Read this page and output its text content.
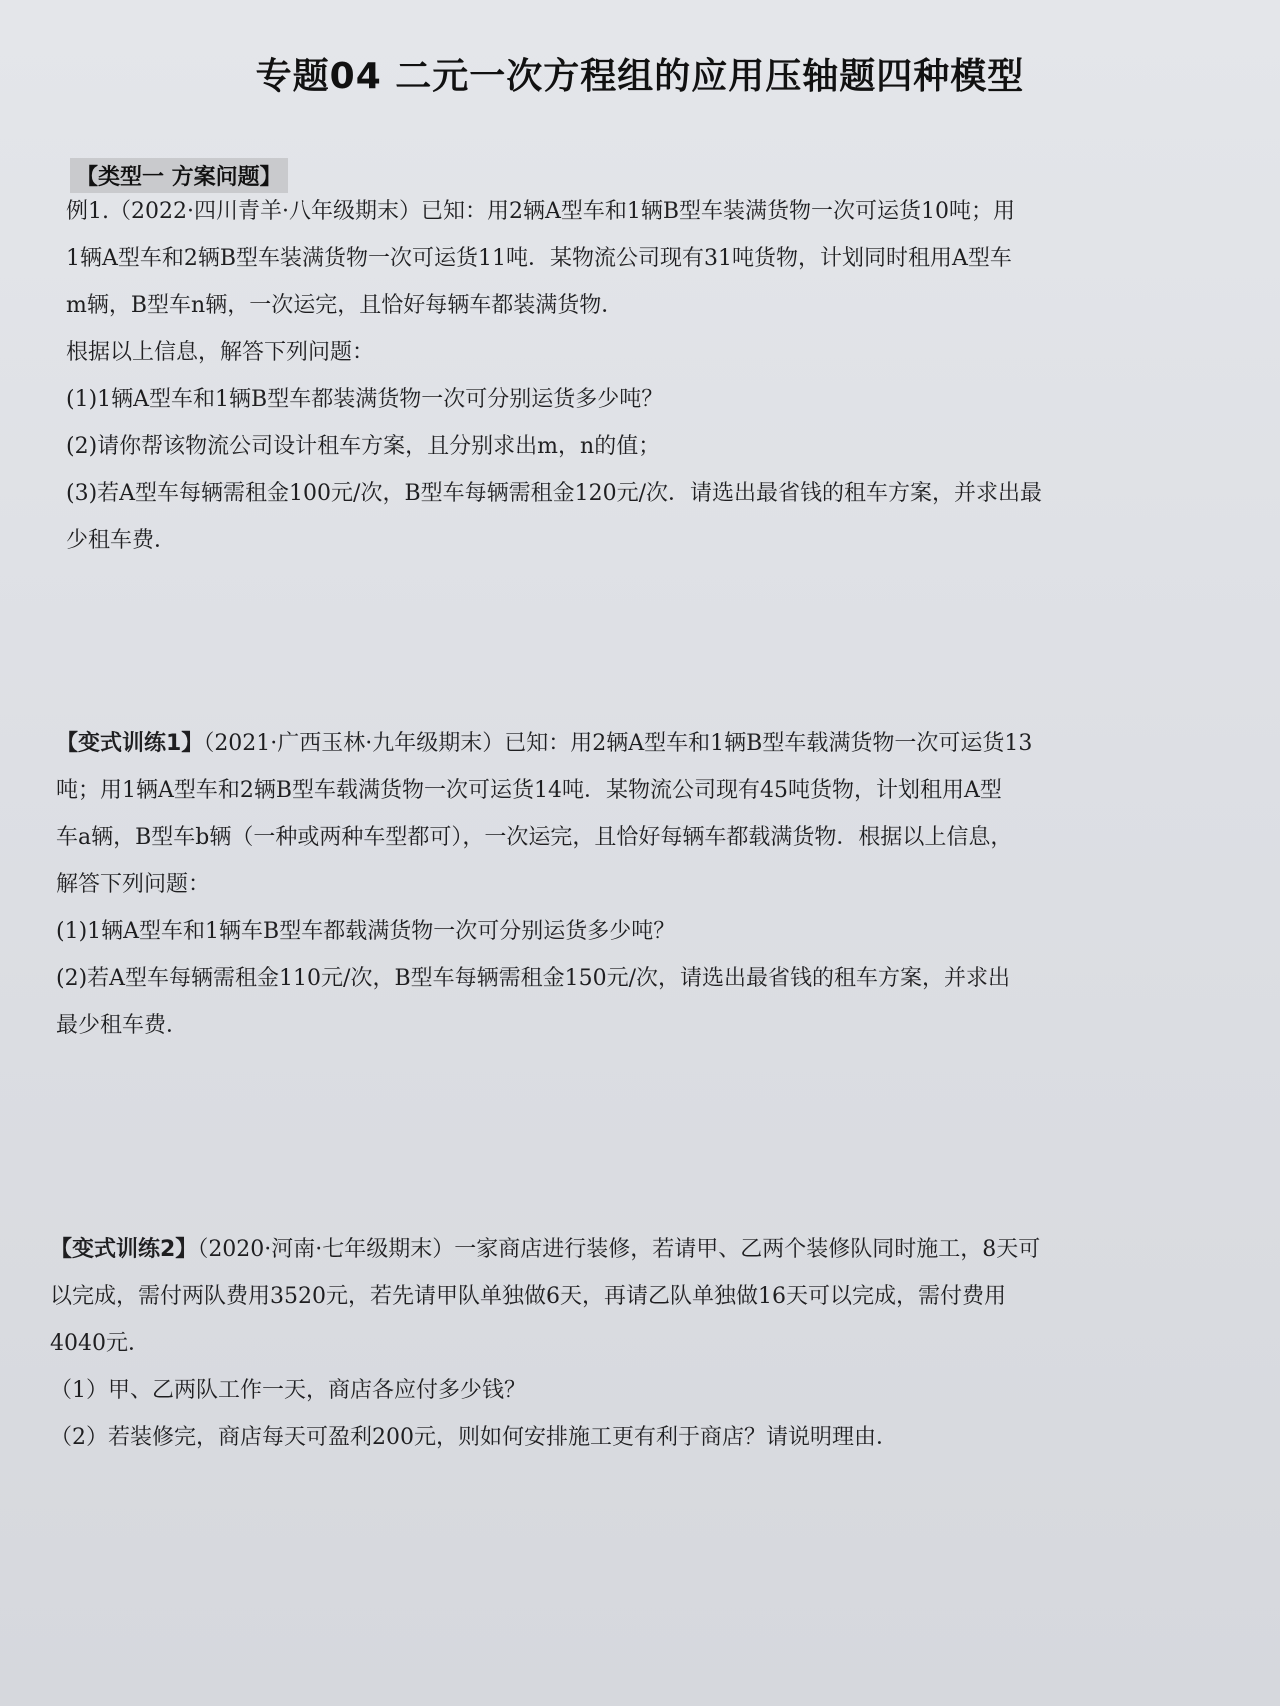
专题04 二元一次方程组的应用压轴题四种模型
【类型一 方案问题】

例1.（2022·四川青羊·八年级期末）已知：用2辆A型车和1辆B型车装满货物一次可运货10吨；用

1辆A型车和2辆B型车装满货物一次可运货11吨．某物流公司现有31吨货物，计划同时租用A型车

m辆，B型车n辆，一次运完，且恰好每辆车都装满货物．

根据以上信息，解答下列问题：

(1)1辆A型车和1辆B型车都装满货物一次可分别运货多少吨？

(2)请你帮该物流公司设计租车方案，且分别求出m，n的值；

(3)若A型车每辆需租金100元/次，B型车每辆需租金120元/次．请选出最省钱的租车方案，并求出最

少租车费．

【变式训练1】（2021·广西玉林·九年级期末）已知：用2辆A型车和1辆B型车载满货物一次可运货13

吨；用1辆A型车和2辆B型车载满货物一次可运货14吨．某物流公司现有45吨货物，计划租用A型

车a辆，B型车b辆（一种或两种车型都可），一次运完，且恰好每辆车都载满货物．根据以上信息，

解答下列问题：

(1)1辆A型车和1辆车B型车都载满货物一次可分别运货多少吨？

(2)若A型车每辆需租金110元/次，B型车每辆需租金150元/次，请选出最省钱的租车方案，并求出

最少租车费．

【变式训练2】（2020·河南·七年级期末）一家商店进行装修，若请甲、乙两个装修队同时施工，8天可

以完成，需付两队费用3520元，若先请甲队单独做6天，再请乙队单独做16天可以完成，需付费用

4040元．

（1）甲、乙两队工作一天，商店各应付多少钱？

（2）若装修完，商店每天可盈利200元，则如何安排施工更有利于商店？请说明理由．
